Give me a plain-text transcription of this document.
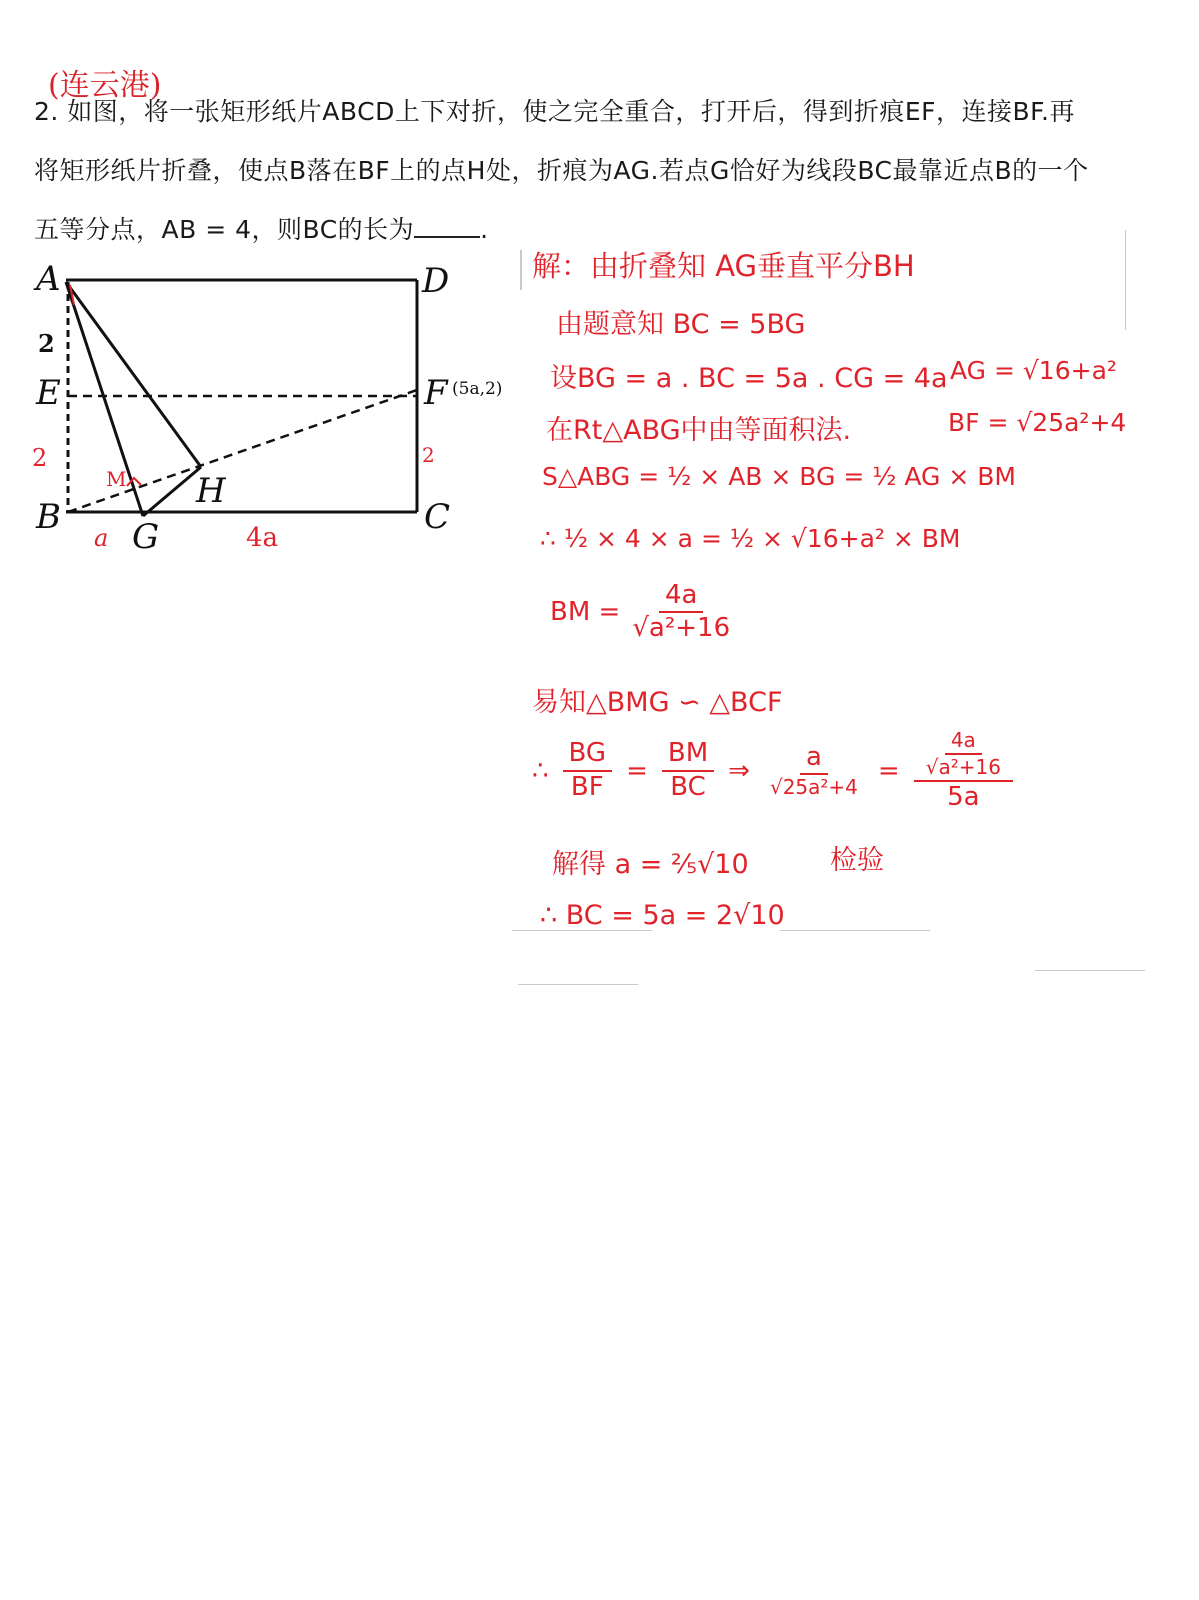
(连云港)
2. 如图，将一张矩形纸片ABCD上下对折，使之完全重合，打开后，得到折痕EF，连接BF.再
将矩形纸片折叠，使点B落在BF上的点H处，折痕为AG.若点G恰好为线段BC最靠近点B的一个
五等分点，AB = 4，则BC的长为	.
A	D
E	F
B	C
G
H
(5a,2)
2
2	2
M
a	4a
解：由折叠知 AG垂直平分BH
由题意知 BC = 5BG
设BG = a . BC = 5a . CG = 4a AG = √16+a²
在Rt△ABG中由等面积法.	BF = √25a²+4
S△ABG = ½ × AB × BG = ½ AG × BM
∴ ½ × 4 × a = ½ × √16+a² × BM
BM = $\frac{4a}{\text{√a²+16}}$
易知△BMG ∽ △BCF
∴ $\frac{BG}{BF} = \frac{BM}{BC}$ ⇒ $\frac{a}{\text{√25a²+4}} = \frac{\frac{4a}{\text{√a²+16}}}{5a}$
解得 a = ⅖√10	检验
∴ BC = 5a = 2√10
